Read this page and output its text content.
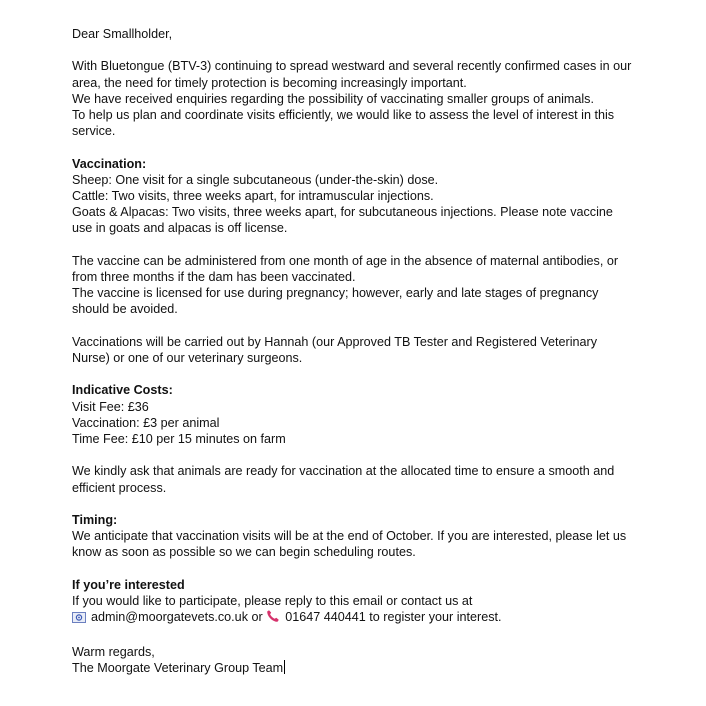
Dear Smallholder,

With Bluetongue (BTV-3) continuing to spread westward and several recently confirmed cases in our area, the need for timely protection is becoming increasingly important.

We have received enquiries regarding the possibility of vaccinating smaller groups of animals.

To help us plan and coordinate visits efficiently, we would like to assess the level of interest in this service.

Vaccination:

Sheep: One visit for a single subcutaneous (under-the-skin) dose.

Cattle: Two visits, three weeks apart, for intramuscular injections.

Goats & Alpacas: Two visits, three weeks apart, for subcutaneous injections. Please note vaccine use in goats and alpacas is off license.

The vaccine can be administered from one month of age in the absence of maternal antibodies, or from three months if the dam has been vaccinated.

The vaccine is licensed for use during pregnancy; however, early and late stages of pregnancy should be avoided.

Vaccinations will be carried out by Hannah (our Approved TB Tester and Registered Veterinary Nurse) or one of our veterinary surgeons.

Indicative Costs:

Visit Fee: £36

Vaccination: £3 per animal

Time Fee: £10 per 15 minutes on farm

We kindly ask that animals are ready for vaccination at the allocated time to ensure a smooth and efficient process.

Timing:

We anticipate that vaccination visits will be at the end of October. If you are interested, please let us know as soon as possible so we can begin scheduling routes.

If you’re interested

If you would like to participate, please reply to this email or contact us at

admin@moorgatevets.co.uk or 01647 440441 to register your interest.

Warm regards,

The Moorgate Veterinary Group Team
